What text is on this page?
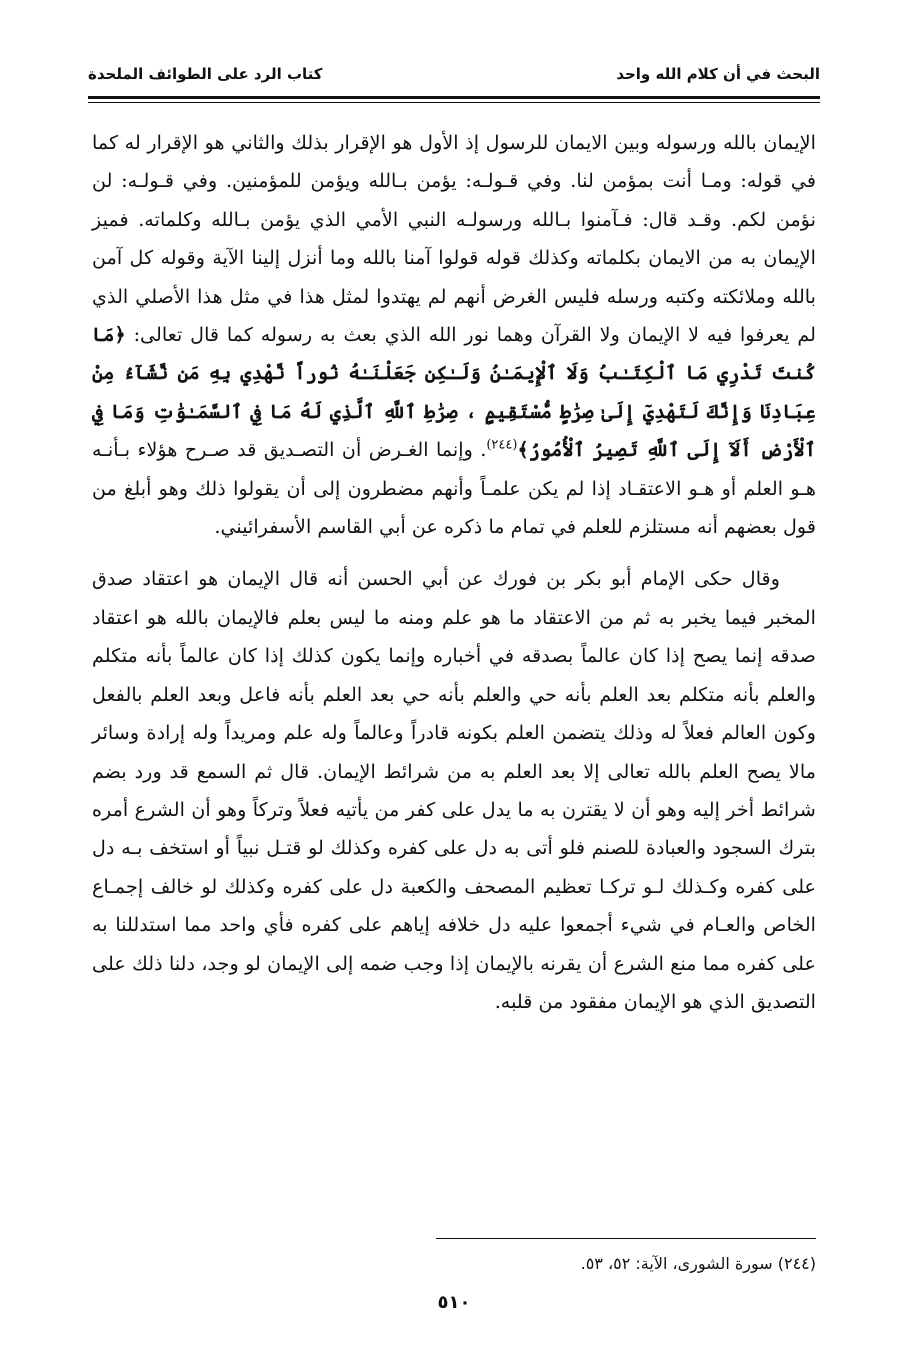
البحث في أن كلام الله واحد
كتاب الرد على الطوائف الملحدة

الإيمان بالله ورسوله وبين الايمان للرسول إذ الأول هو الإقرار بذلك والثاني هو الإقرار له كما في قوله: ومـا أنت بمؤمن لنا. وفي قـولـه: يؤمن بـالله ويؤمن للمؤمنين. وفي قـولـه: لن نؤمن لكم. وقـد قال: فـآمنوا بـالله ورسولـه النبي الأمي الذي يؤمن بـالله وكلماته. فميز الإيمان به من الايمان بكلماته وكذلك قوله قولوا آمنا بالله وما أنزل إلينا الآية وقوله كل آمن بالله وملائكته وكتبه ورسله فليس الغرض أنهم لم يهتدوا لمثل هذا في مثل هذا الأصلي الذي لم يعرفوا فيه لا الإيمان ولا القرآن وهما نور الله الذي بعث به رسوله كما قال تعالى: ﴿مَا كُنتَ تَدْرِي مَا ٱلْكِتَـٰبُ وَلَا ٱلْإِيمَـٰنُ وَلَـٰكِن جَعَلْنَـٰهُ نُوراً نَّهْدِي بِهِ مَن نَّشَآءُ مِنْ عِبَادِنَا وَإِنَّكَ لَتَهْدِيٓ إِلَىٰ صِرَٰطٍ مُّسْتَقِيمٍ ، صِرَٰطِ ٱللَّهِ ٱلَّذِي لَهُ مَا فِي ٱلسَّمَـٰوَٰتِ وَمَا فِي ٱلْأَرْضِ أَلَآ إِلَى ٱللَّهِ تَصِيرُ ٱلْأُمُورُ﴾$^{(٢٤٤)}$. وإنما الغـرض أن التصـديق قد صـرح هؤلاء بـأنـه هـو العلم أو هـو الاعتقـاد إذا لم يكن علمـاً وأنهم مضطرون إلى أن يقولوا ذلك وهو أبلغ من قول بعضهم أنه مستلزم للعلم في تمام ما ذكره عن أبي القاسم الأسفرائيني.

وقال حكى الإمام أبو بكر بن فورك عن أبي الحسن أنه قال الإيمان هو اعتقاد صدق المخبر فيما يخبر به ثم من الاعتقاد ما هو علم ومنه ما ليس بعلم فالإيمان بالله هو اعتقاد صدقه إنما يصح إذا كان عالماً بصدقه في أخباره وإنما يكون كذلك إذا كان عالماً بأنه متكلم والعلم بأنه متكلم بعد العلم بأنه حي والعلم بأنه حي بعد العلم بأنه فاعل وبعد العلم بالفعل وكون العالم فعلاً له وذلك يتضمن العلم بكونه قادراً وعالماً وله علم ومريداً وله إرادة وسائر مالا يصح العلم بالله تعالى إلا بعد العلم به من شرائط الإيمان. قال ثم السمع قد ورد بضم شرائط أخر إليه وهو أن لا يقترن به ما يدل على كفر من يأتيه فعلاً وتركاً وهو أن الشرع أمره بترك السجود والعبادة للصنم فلو أتى به دل على كفره وكذلك لو قتـل نبياً أو استخف بـه دل على كفره وكـذلك لـو تركـا تعظيم المصحف والكعبة دل على كفره وكذلك لو خالف إجمـاع الخاص والعـام في شيء أجمعوا عليه دل خلافه إياهم على كفره فأي واحد مما استدللنا به على كفره مما منع الشرع أن يقرنه بالإيمان إذا وجب ضمه إلى الإيمان لو وجد، دلنا ذلك على التصديق الذي هو الإيمان مفقود من قلبه.

(٢٤٤) سورة الشورى، الآية: ٥٢، ٥٣.
٥١٠
